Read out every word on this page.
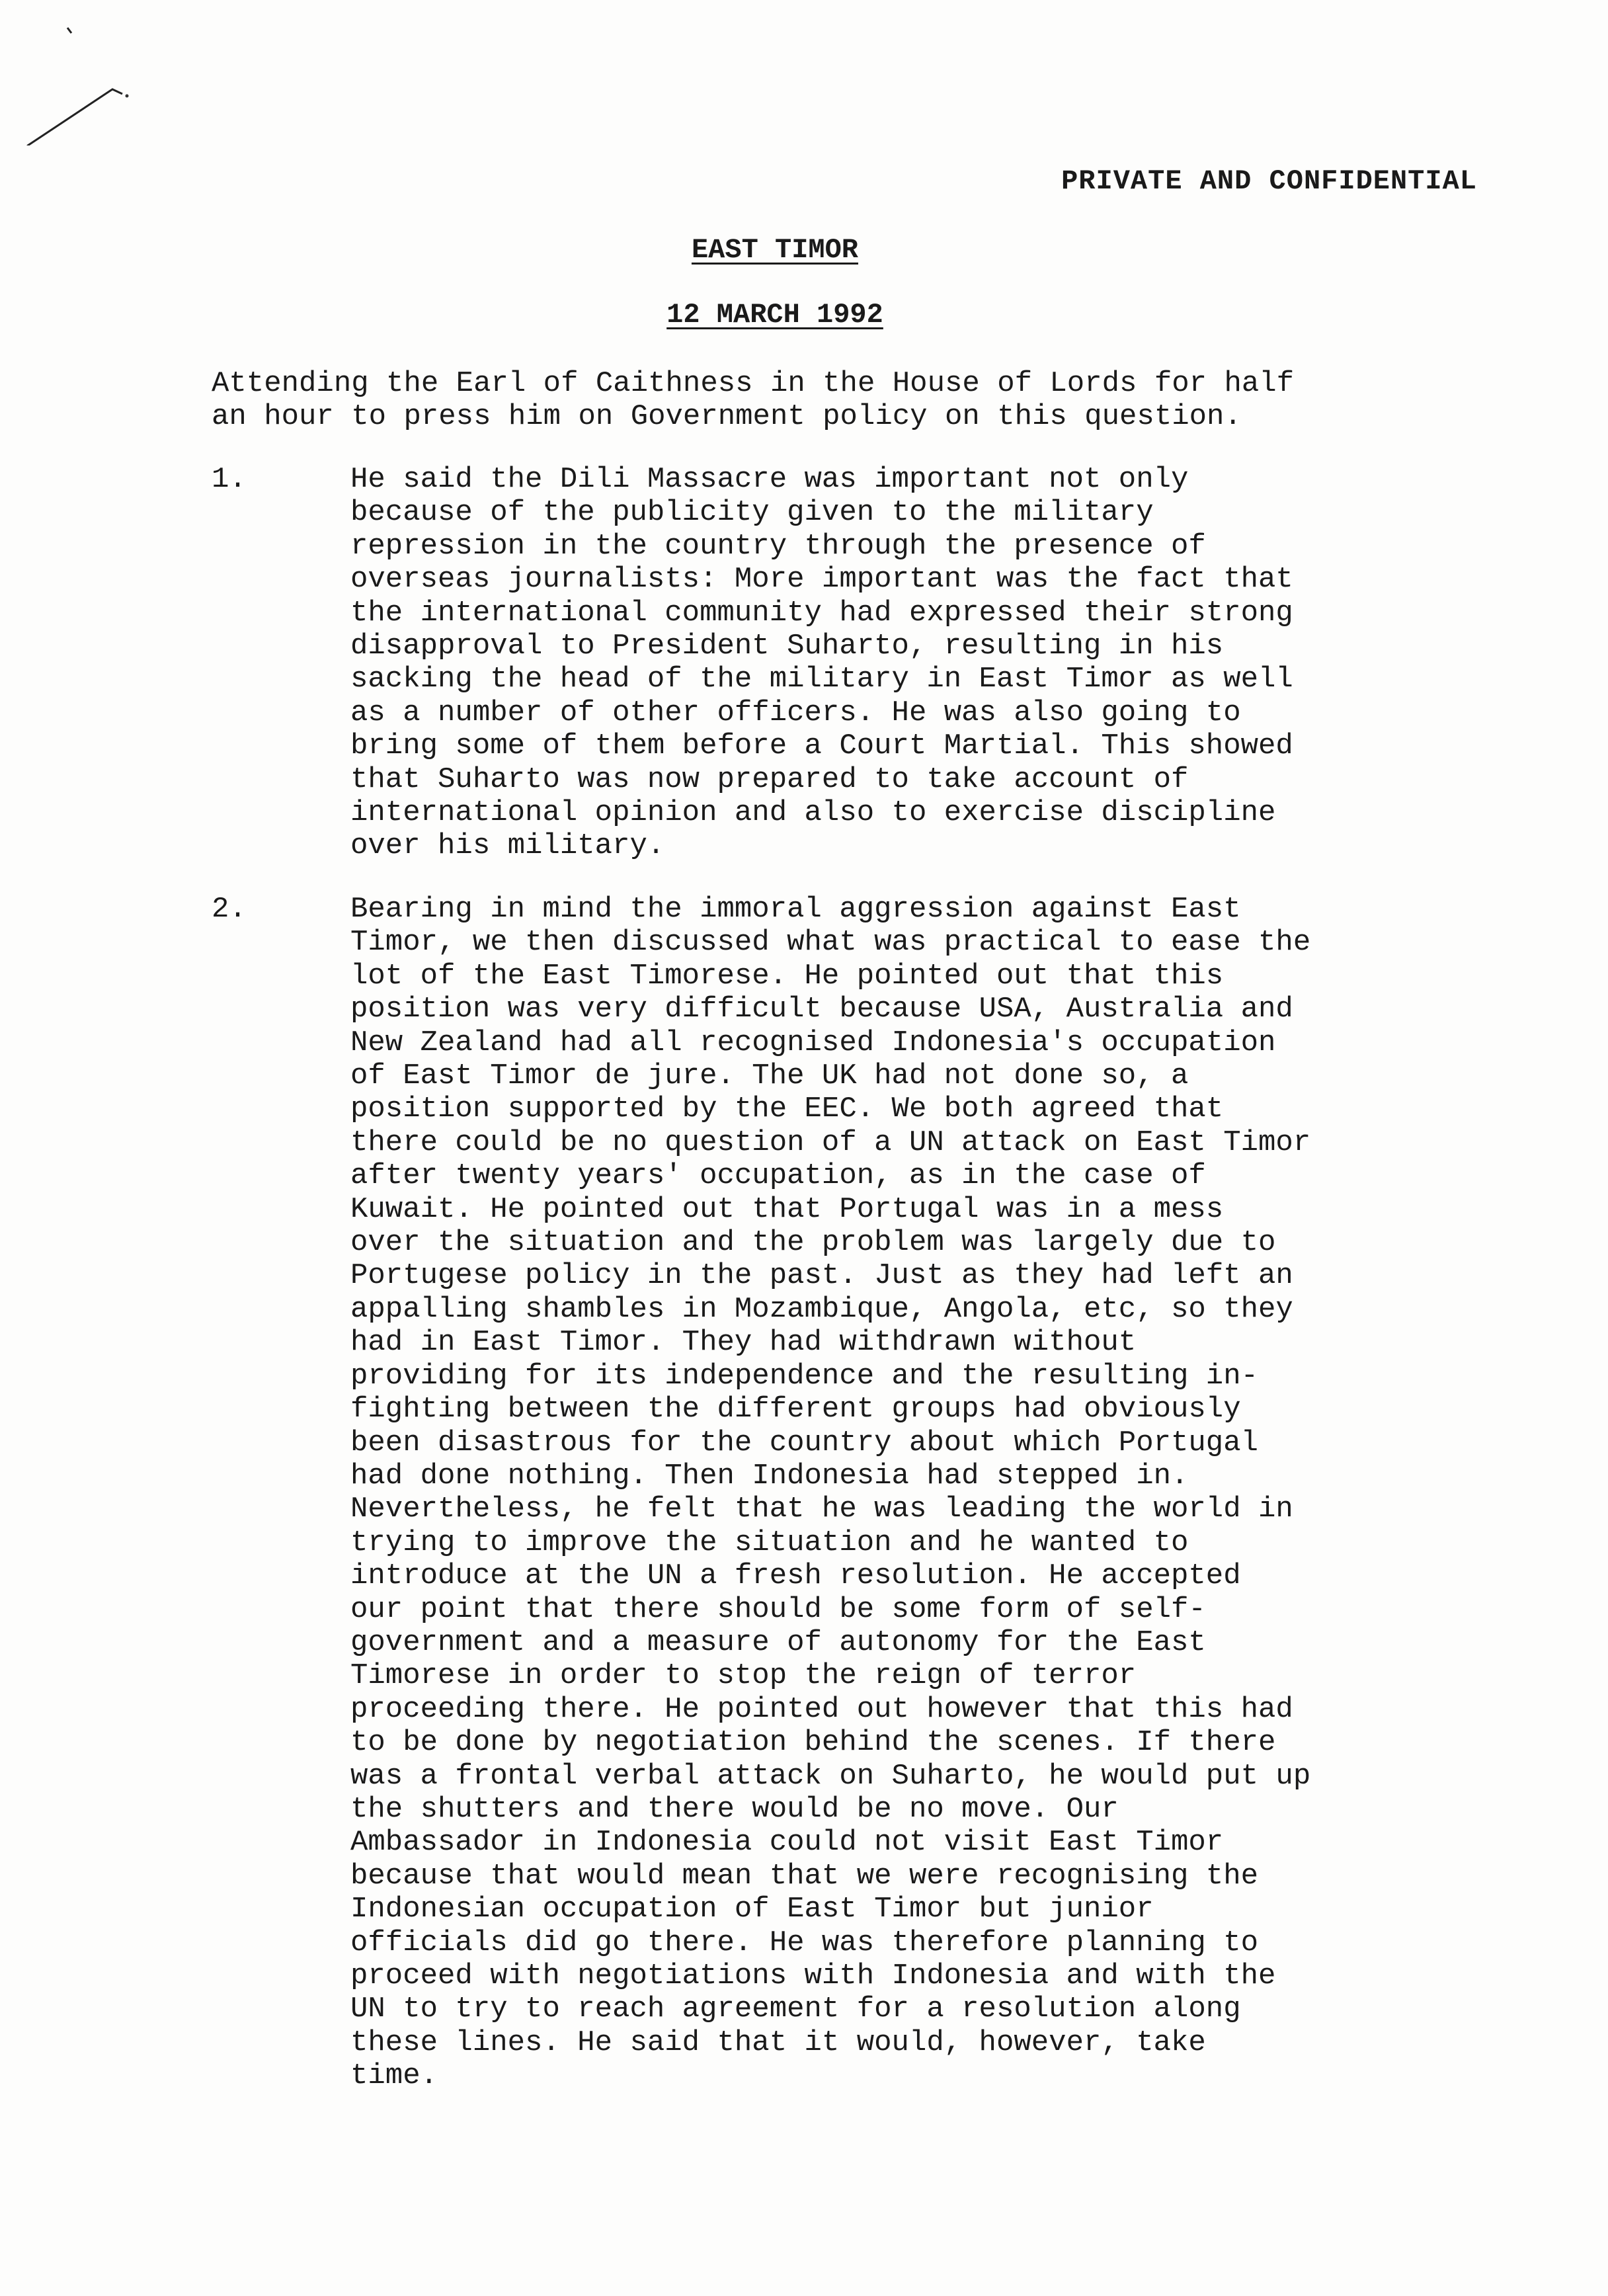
PRIVATE AND CONFIDENTIAL
EAST TIMOR
12 MARCH 1992
Attending the Earl of Caithness in the House of Lords for half
an hour to press him on Government policy on this question.
1.	He said the Dili Massacre was important not only
because of the publicity given to the military
repression in the country through the presence of
overseas journalists: More important was the fact that
the international community had expressed their strong
disapproval to President Suharto, resulting in his
sacking the head of the military in East Timor as well
as a number of other officers. He was also going to
bring some of them before a Court Martial. This showed
that Suharto was now prepared to take account of
international opinion and also to exercise discipline
over his military.
2.	Bearing in mind the immoral aggression against East
Timor, we then discussed what was practical to ease the
lot of the East Timorese. He pointed out that this
position was very difficult because USA, Australia and
New Zealand had all recognised Indonesia's occupation
of East Timor de jure. The UK had not done so, a
position supported by the EEC. We both agreed that
there could be no question of a UN attack on East Timor
after twenty years' occupation, as in the case of
Kuwait. He pointed out that Portugal was in a mess
over the situation and the problem was largely due to
Portugese policy in the past. Just as they had left an
appalling shambles in Mozambique, Angola, etc, so they
had in East Timor. They had withdrawn without
providing for its independence and the resulting in-
fighting between the different groups had obviously
been disastrous for the country about which Portugal
had done nothing. Then Indonesia had stepped in.
Nevertheless, he felt that he was leading the world in
trying to improve the situation and he wanted to
introduce at the UN a fresh resolution. He accepted
our point that there should be some form of self-
government and a measure of autonomy for the East
Timorese in order to stop the reign of terror
proceeding there. He pointed out however that this had
to be done by negotiation behind the scenes. If there
was a frontal verbal attack on Suharto, he would put up
the shutters and there would be no move. Our
Ambassador in Indonesia could not visit East Timor
because that would mean that we were recognising the
Indonesian occupation of East Timor but junior
officials did go there. He was therefore planning to
proceed with negotiations with Indonesia and with the
UN to try to reach agreement for a resolution along
these lines. He said that it would, however, take
time.
